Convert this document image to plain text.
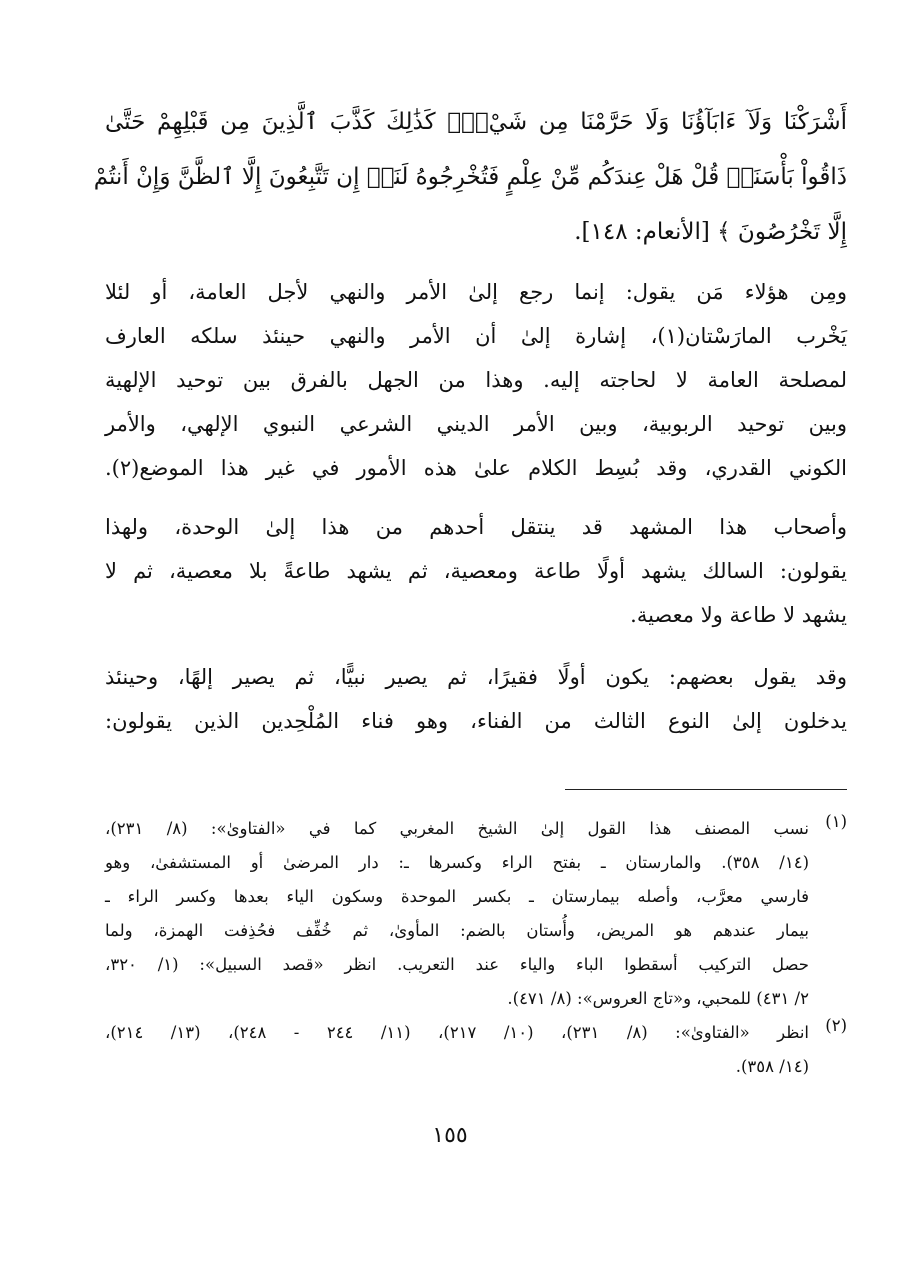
أَشْرَكْنَا وَلَآ ءَابَآؤُنَا وَلَا حَرَّمْنَا مِن شَيْءٍۚ كَذَٰلِكَ كَذَّبَ ٱلَّذِينَ مِن قَبْلِهِمْ حَتَّىٰ
ذَاقُواْ بَأْسَنَاۗ قُلْ هَلْ عِندَكُم مِّنْ عِلْمٍ فَتُخْرِجُوهُ لَنَآۖ إِن تَتَّبِعُونَ إِلَّا ٱلظَّنَّ وَإِنْ أَنتُمْ
إِلَّا تَخْرُصُونَ ﴾ [الأنعام: ١٤٨].
ومِن هؤلاء مَن يقول: إنما رجع إلىٰ الأمر والنهي لأجل العامة، أو لئلا
يَخْرب المارَسْتان(١)، إشارة إلىٰ أن الأمر والنهي حينئذ سلكه العارف
لمصلحة العامة لا لحاجته إليه. وهذا من الجهل بالفرق بين توحيد الإلهية
وبين توحيد الربوبية، وبين الأمر الديني الشرعي النبوي الإلهي، والأمر
الكوني القدري، وقد بُسِط الكلام علىٰ هذه الأمور في غير هذا الموضع(٢).
وأصحاب هذا المشهد قد ينتقل أحدهم من هذا إلىٰ الوحدة، ولهذا
يقولون: السالك يشهد أولًا طاعة ومعصية، ثم يشهد طاعةً بلا معصية، ثم لا
يشهد لا طاعة ولا معصية.
وقد يقول بعضهم: يكون أولًا فقيرًا، ثم يصير نبيًّا، ثم يصير إلهًا، وحينئذ
يدخلون إلىٰ النوع الثالث من الفناء، وهو فناء المُلْحِدين الذين يقولون:
(١)
نسب المصنف هذا القول إلىٰ الشيخ المغربي كما في «الفتاوىٰ»: (٨/ ٢٣١)،
(١٤/ ٣٥٨). والمارستان ـ بفتح الراء وكسرها ـ: دار المرضىٰ أو المستشفىٰ، وهو
فارسي معرَّب، وأصله بيمارستان ـ بكسر الموحدة وسكون الياء بعدها وكسر الراء ـ
بيمار عندهم هو المريض، وأُستان بالضم: المأوىٰ، ثم خُفِّف فحُذِفت الهمزة، ولما
حصل التركيب أسقطوا الباء والياء عند التعريب. انظر «قصد السبيل»: (١/ ٣٢٠،
٢/ ٤٣١) للمحبي، و«تاج العروس»: (٨/ ٤٧١).
(٢)
انظر «الفتاوىٰ»: (٨/ ٢٣١)، (١٠/ ٢١٧)، (١١/ ٢٤٤ - ٢٤٨)، (١٣/ ٢١٤)،
(١٤/ ٣٥٨).
١٥٥
